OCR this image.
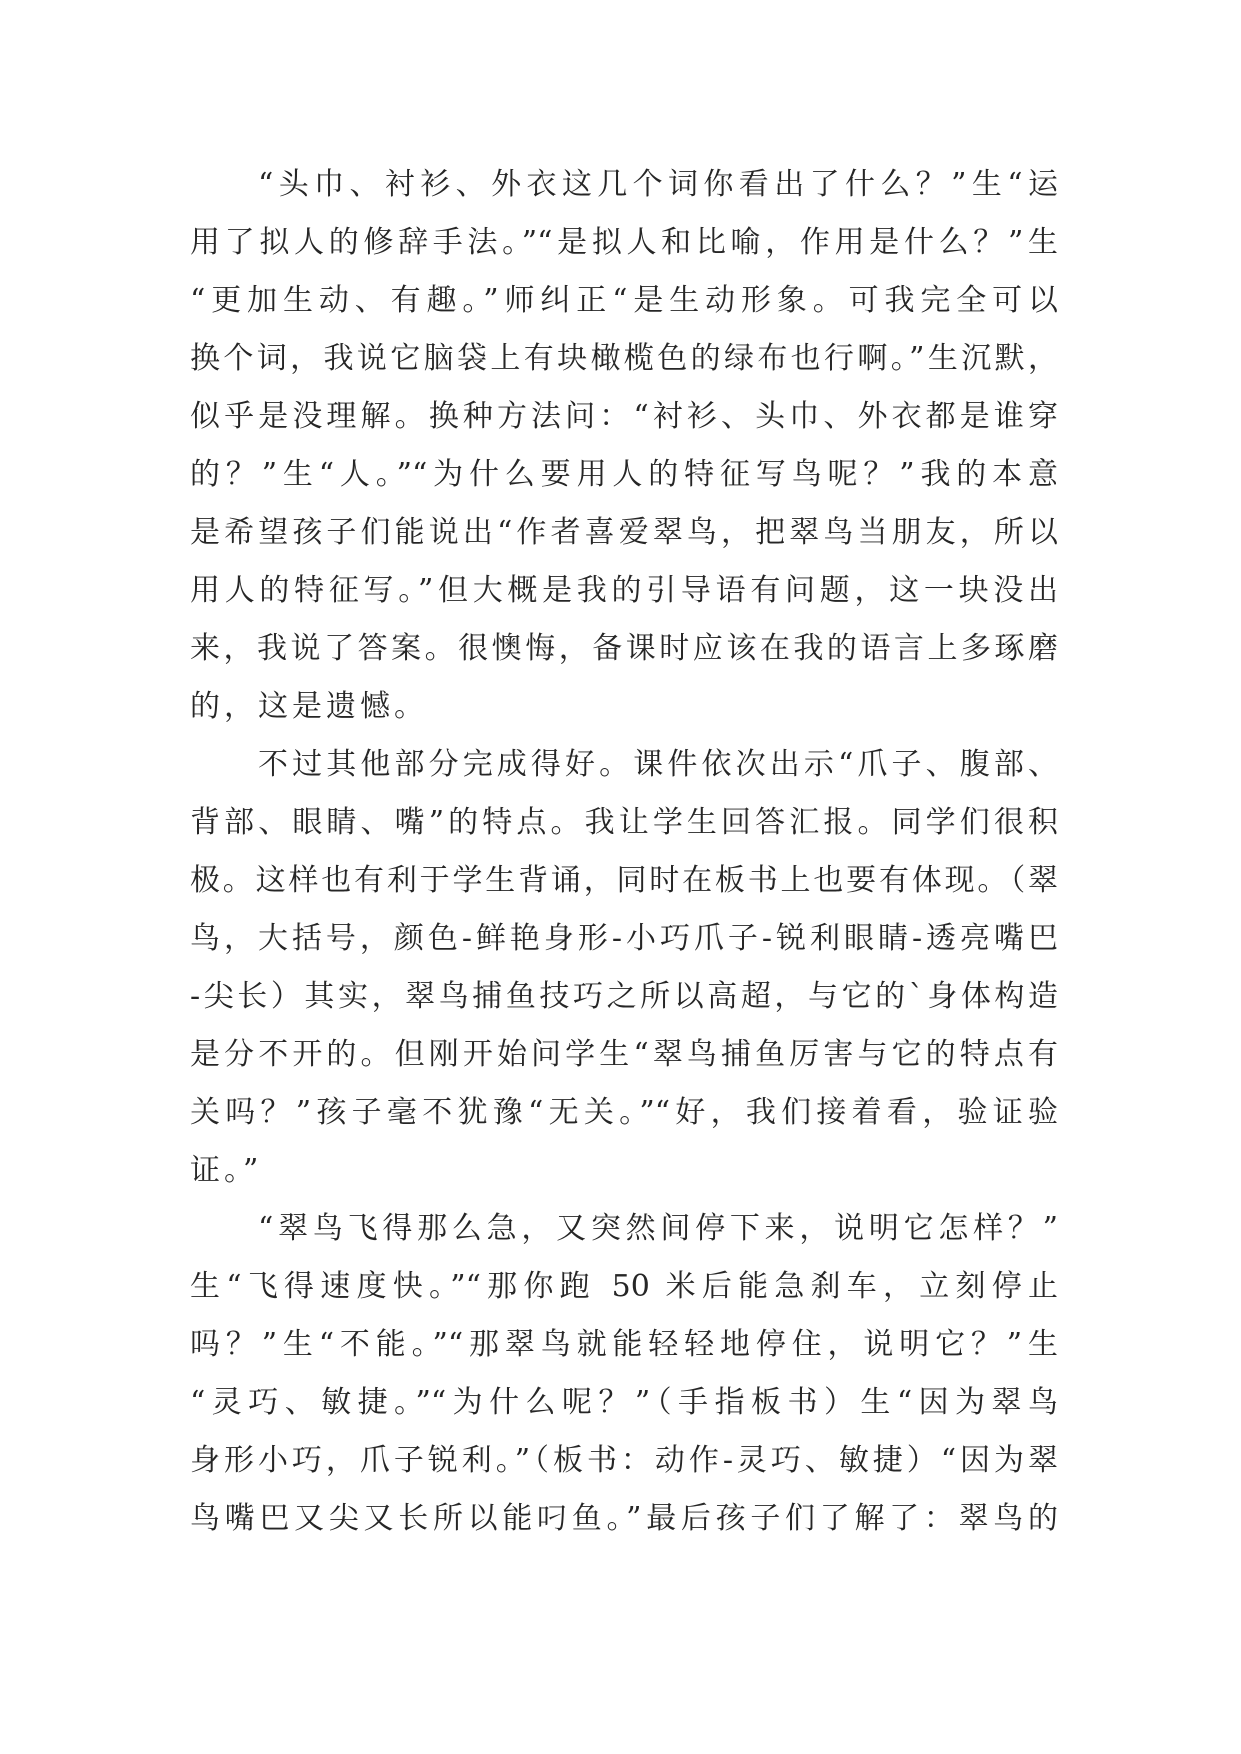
“头巾、衬衫、外衣这几个词你看出了什么？”生“运
用了拟人的修辞手法。”“是拟人和比喻，作用是什么？”生
“更加生动、有趣。”师纠正“是生动形象。可我完全可以
换个词，我说它脑袋上有块橄榄色的绿布也行啊。”生沉默，
似乎是没理解。换种方法问：“衬衫、头巾、外衣都是谁穿
的？”生“人。”“为什么要用人的特征写鸟呢？”我的本意
是希望孩子们能说出“作者喜爱翠鸟，把翠鸟当朋友，所以
用人的特征写。”但大概是我的引导语有问题，这一块没出
来，我说了答案。很懊悔，备课时应该在我的语言上多琢磨
的，这是遗憾。
不过其他部分完成得好。课件依次出示“爪子、腹部、
背部、眼睛、嘴”的特点。我让学生回答汇报。同学们很积
极。这样也有利于学生背诵，同时在板书上也要有体现。（翠
鸟，大括号，颜色-鲜艳身形-小巧爪子-锐利眼睛-透亮嘴巴
-尖长）其实，翠鸟捕鱼技巧之所以高超，与它的`身体构造
是分不开的。但刚开始问学生“翠鸟捕鱼厉害与它的特点有
关吗？”孩子毫不犹豫“无关。”“好，我们接着看，验证验
证。”
“翠鸟飞得那么急，又突然间停下来，说明它怎样？”
生“飞得速度快。”“那你跑 50 米后能急刹车，立刻停止
吗？”生“不能。”“那翠鸟就能轻轻地停住，说明它？”生
“灵巧、敏捷。”“为什么呢？”（手指板书）生“因为翠鸟
身形小巧，爪子锐利。”（板书：动作-灵巧、敏捷）“因为翠
鸟嘴巴又尖又长所以能叼鱼。”最后孩子们了解了：翠鸟的
